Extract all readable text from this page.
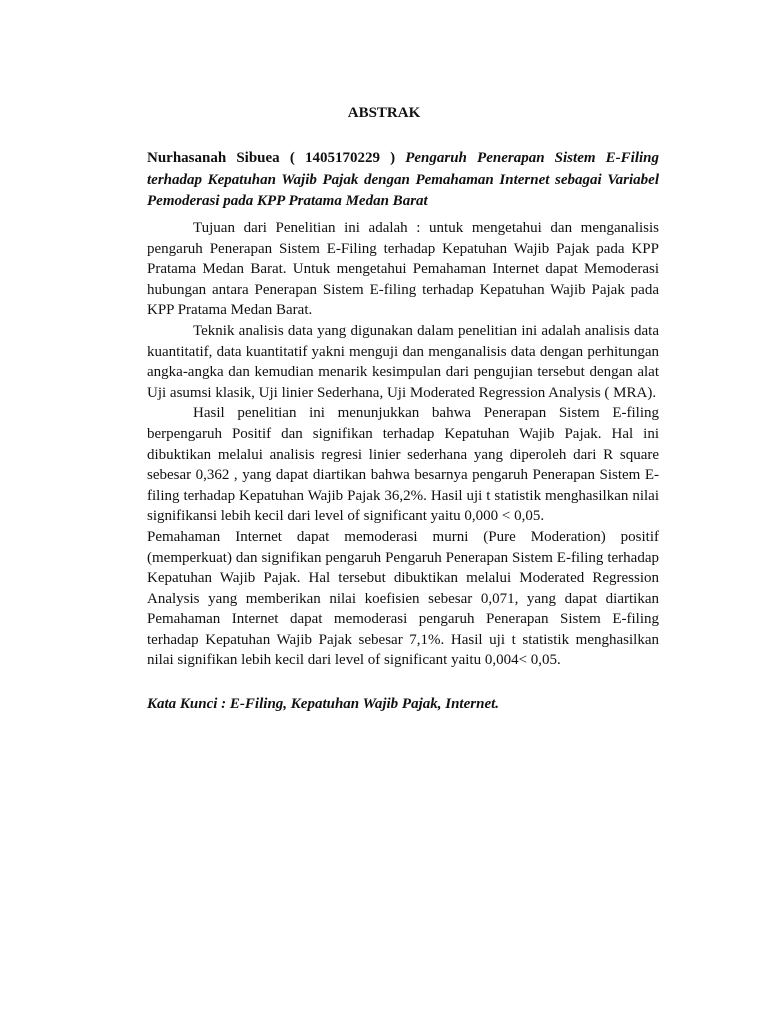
ABSTRAK
Nurhasanah Sibuea ( 1405170229 ) Pengaruh Penerapan Sistem E-Filing terhadap Kepatuhan Wajib Pajak dengan Pemahaman Internet sebagai Variabel Pemoderasi pada KPP Pratama Medan Barat

Tujuan dari Penelitian ini adalah : untuk mengetahui dan menganalisis pengaruh Penerapan Sistem E-Filing terhadap Kepatuhan Wajib Pajak pada KPP Pratama Medan Barat. Untuk mengetahui Pemahaman Internet dapat Memoderasi hubungan antara Penerapan Sistem E-filing terhadap Kepatuhan Wajib Pajak pada KPP Pratama Medan Barat.

Teknik analisis data yang digunakan dalam penelitian ini adalah analisis data kuantitatif, data kuantitatif yakni menguji dan menganalisis data dengan perhitungan angka-angka dan kemudian menarik kesimpulan dari pengujian tersebut dengan alat Uji asumsi klasik, Uji linier Sederhana, Uji Moderated Regression Analysis ( MRA).

Hasil penelitian ini menunjukkan bahwa Penerapan Sistem E-filing berpengaruh Positif dan signifikan terhadap Kepatuhan Wajib Pajak. Hal ini dibuktikan melalui analisis regresi linier sederhana yang diperoleh dari R square sebesar 0,362 , yang dapat diartikan bahwa besarnya pengaruh Penerapan Sistem E-filing terhadap Kepatuhan Wajib Pajak 36,2%. Hasil uji t statistik menghasilkan nilai signifikansi lebih kecil dari level of significant yaitu 0,000 < 0,05.

Pemahaman Internet dapat memoderasi murni (Pure Moderation) positif (memperkuat) dan signifikan pengaruh Pengaruh Penerapan Sistem E-filing terhadap Kepatuhan Wajib Pajak. Hal tersebut dibuktikan melalui Moderated Regression Analysis yang memberikan nilai koefisien sebesar 0,071, yang dapat diartikan Pemahaman Internet dapat memoderasi pengaruh Penerapan Sistem E-filing terhadap Kepatuhan Wajib Pajak sebesar 7,1%. Hasil uji t statistik menghasilkan nilai signifikan lebih kecil dari level of significant yaitu 0,004< 0,05.

Kata Kunci : E-Filing, Kepatuhan Wajib Pajak, Internet.
